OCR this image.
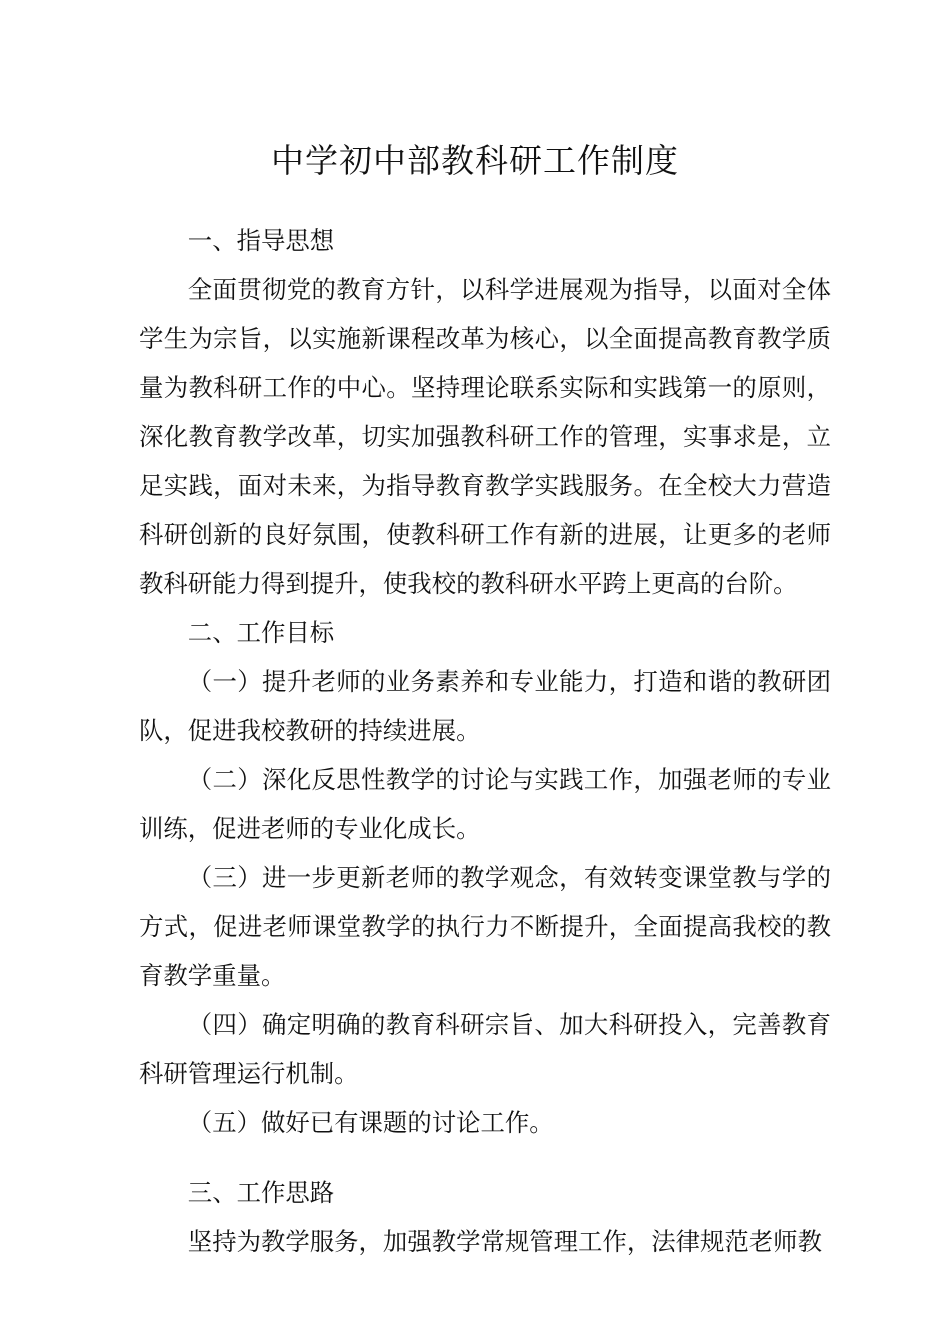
中学初中部教科研工作制度

一、指导思想

全面贯彻党的教育方针，以科学进展观为指导，以面对全体学生为宗旨，以实施新课程改革为核心，以全面提高教育教学质量为教科研工作的中心。坚持理论联系实际和实践第一的原则，深化教育教学改革，切实加强教科研工作的管理，实事求是，立足实践，面对未来，为指导教育教学实践服务。在全校大力营造科研创新的良好氛围，使教科研工作有新的进展，让更多的老师教科研能力得到提升，使我校的教科研水平跨上更高的台阶。

二、工作目标

（一）提升老师的业务素养和专业能力，打造和谐的教研团队，促进我校教研的持续进展。

（二）深化反思性教学的讨论与实践工作，加强老师的专业训练，促进老师的专业化成长。

（三）进一步更新老师的教学观念，有效转变课堂教与学的方式，促进老师课堂教学的执行力不断提升，全面提高我校的教育教学重量。

（四）确定明确的教育科研宗旨、加大科研投入，完善教育科研管理运行机制。

（五）做好已有课题的讨论工作。

三、工作思路

坚持为教学服务，加强教学常规管理工作，法律规范老师教
